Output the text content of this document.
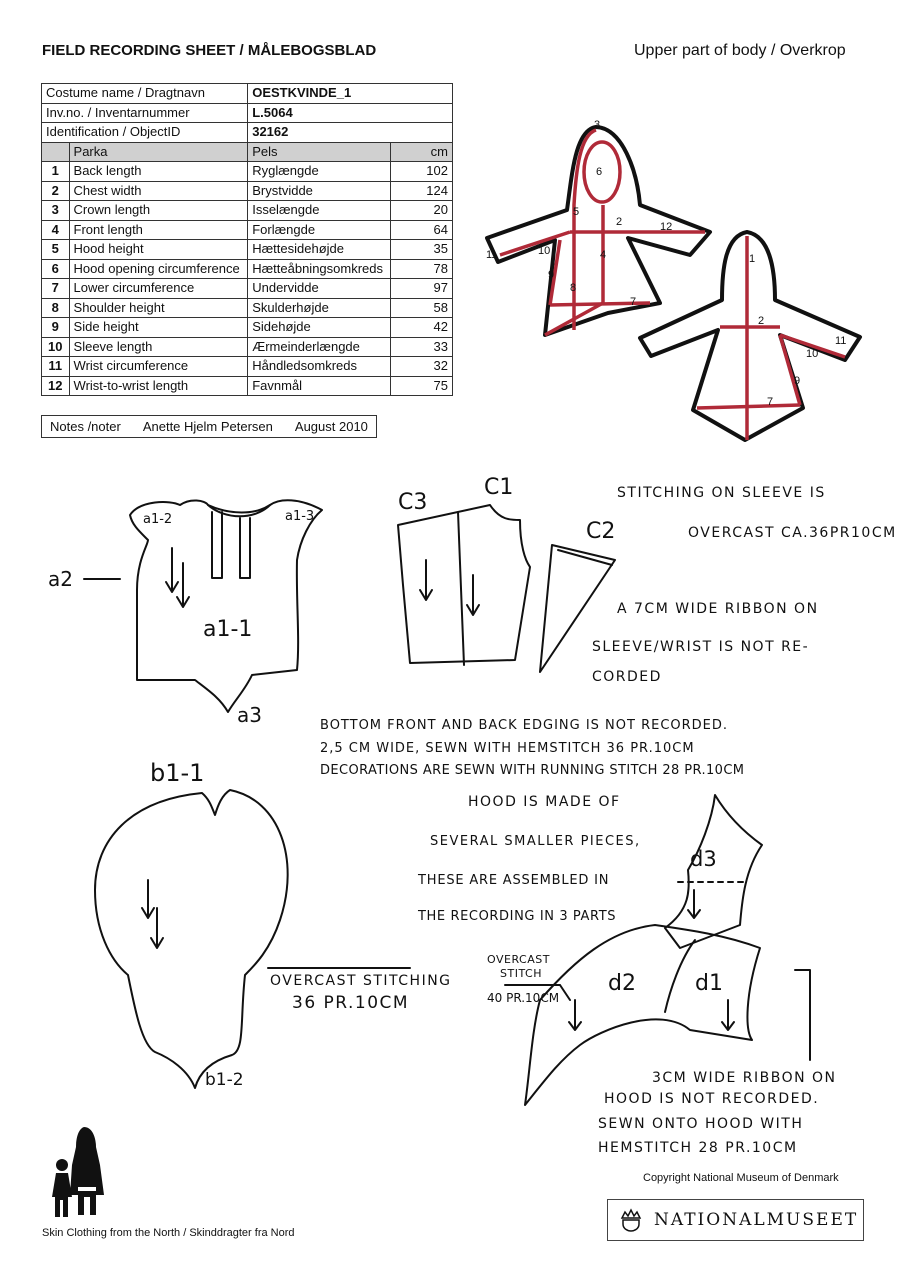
FIELD RECORDING SHEET / MÅLEBOGSBLAD	Upper part of body / Overkrop
Costume name / Dragtnavn		OESTKVINDE_1	
Inv.no. / Inventarnummer		L.5064	
Identification / ObjectID		32162	
	Parka	Pels	cm
1	Back length	Ryglængde	102
2	Chest width	Brystvidde	124
3	Crown length	Isselængde	20
4	Front length	Forlængde	64
5	Hood height	Hættesidehøjde	35
6	Hood opening circumference	Hætteåbningsomkreds	78
7	Lower circumference	Undervidde	97
8	Shoulder height	Skulderhøjde	58
9	Side height	Sidehøjde	42
10	Sleeve length	Ærmeinderlængde	33
11	Wrist circumference	Håndledsomkreds	32
12	Wrist-to-wrist length	Favnmål	75
Notes /noter Anette Hjelm Petersen August 2010
3
6
5
2	12
11	10	4
9
8
7
1
2
11
10
9
7
a1-2	a1-3
a2
a1-1
a3
C1
C3
C2
b1-1
b1-2
d3
d2	d1
STITCHING ON SLEEVE IS
OVERCAST CA.36PR10CM
A 7CM WIDE RIBBON ON
SLEEVE/WRIST IS NOT RE-
CORDED
BOTTOM FRONT AND BACK EDGING IS NOT RECORDED.
2,5 CM WIDE, SEWN WITH HEMSTITCH 36 PR.10CM
DECORATIONS ARE SEWN WITH RUNNING STITCH 28 PR.10CM
HOOD IS MADE OF
SEVERAL SMALLER PIECES,
THESE ARE ASSEMBLED IN
THE RECORDING IN 3 PARTS
OVERCAST STITCHING
36 PR.10CM
OVERCAST
STITCH
40 PR.10CM
3CM WIDE RIBBON ON
HOOD IS NOT RECORDED.
SEWN ONTO HOOD WITH
HEMSTITCH 28 PR.10CM
Copyright National Museum of Denmark
NATIONALMUSEET
Skin Clothing from the North / Skinddragter fra Nord
